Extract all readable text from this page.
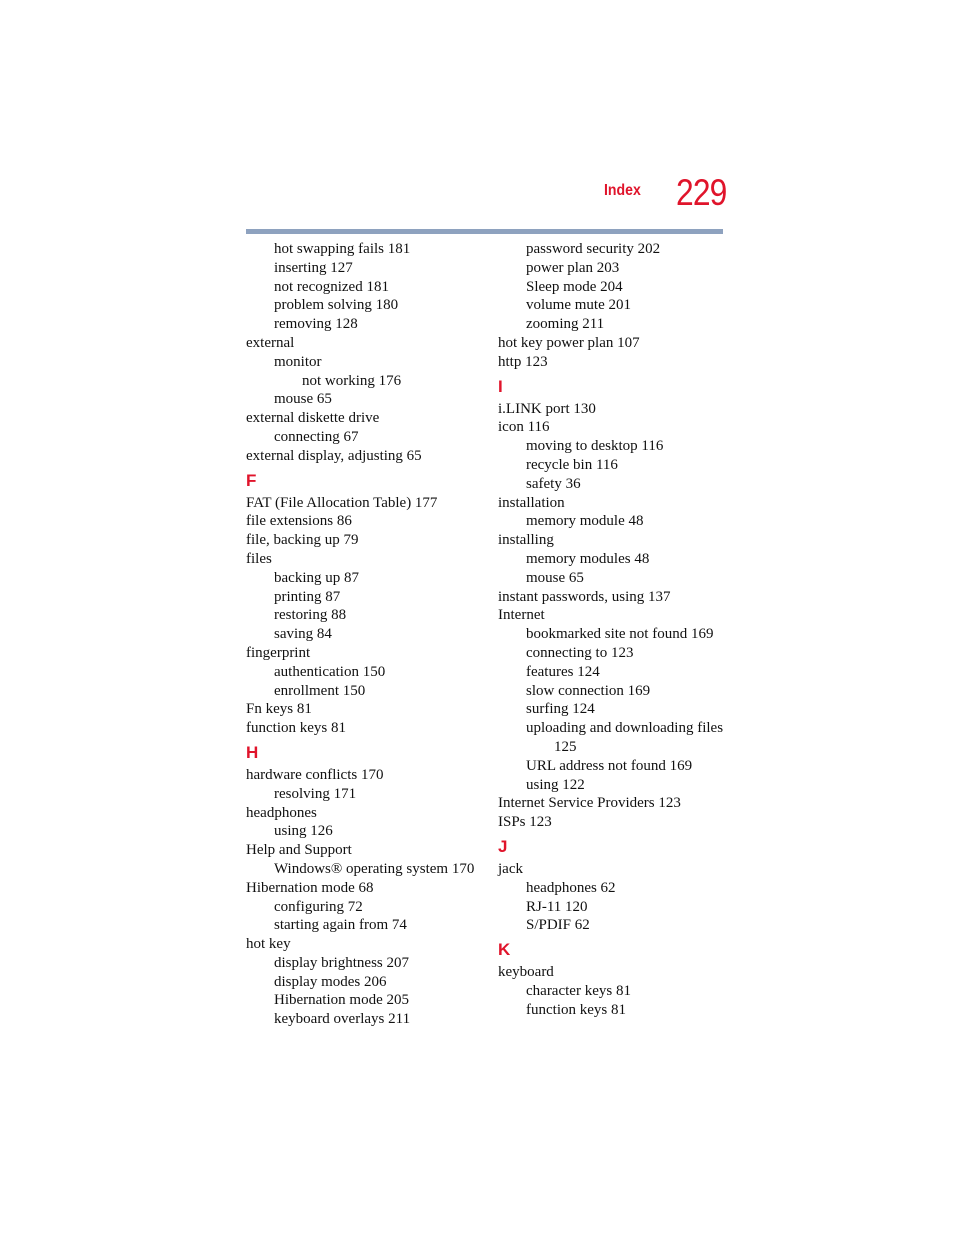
Index 229
hot swapping fails 181
inserting 127
not recognized 181
problem solving 180
removing 128
external
monitor
not working 176
mouse 65
external diskette drive
connecting 67
external display, adjusting 65
F
FAT (File Allocation Table) 177
file extensions 86
file, backing up 79
files
backing up 87
printing 87
restoring 88
saving 84
fingerprint
authentication 150
enrollment 150
Fn keys 81
function keys 81
H
hardware conflicts 170
resolving 171
headphones
using 126
Help and Support
Windows® operating system 170
Hibernation mode 68
configuring 72
starting again from 74
hot key
display brightness 207
display modes 206
Hibernation mode 205
keyboard overlays 211
password security 202
power plan 203
Sleep mode 204
volume mute 201
zooming 211
hot key power plan 107
http 123
I
i.LINK port 130
icon 116
moving to desktop 116
recycle bin 116
safety 36
installation
memory module 48
installing
memory modules 48
mouse 65
instant passwords, using 137
Internet
bookmarked site not found 169
connecting to 123
features 124
slow connection 169
surfing 124
uploading and downloading files
125
URL address not found 169
using 122
Internet Service Providers 123
ISPs 123
J
jack
headphones 62
RJ-11 120
S/PDIF 62
K
keyboard
character keys 81
function keys 81
